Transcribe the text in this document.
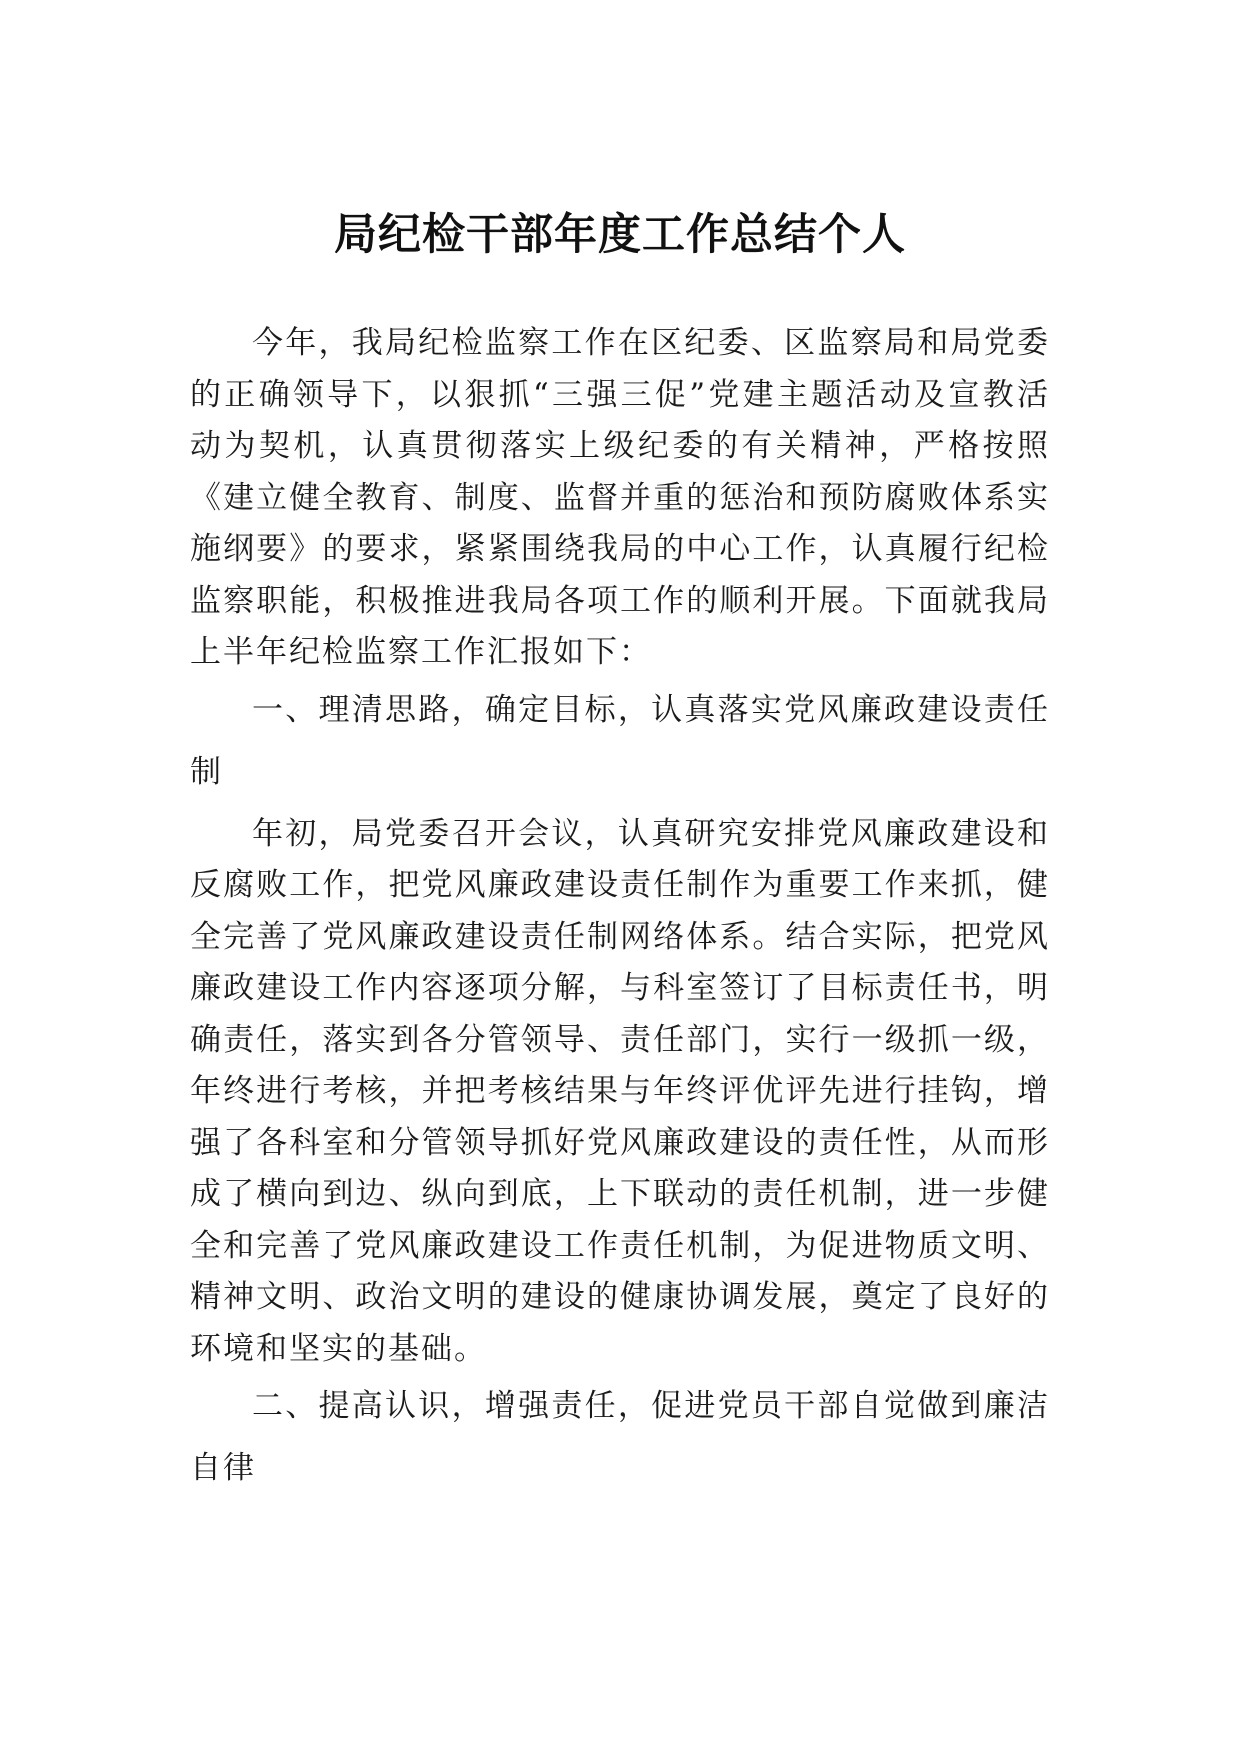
局纪检干部年度工作总结个人

今年，我局纪检监察工作在区纪委、区监察局和局党委的正确领导下，以狠抓“三强三促”党建主题活动及宣教活动为契机，认真贯彻落实上级纪委的有关精神，严格按照《建立健全教育、制度、监督并重的惩治和预防腐败体系实施纲要》的要求，紧紧围绕我局的中心工作，认真履行纪检监察职能，积极推进我局各项工作的顺利开展。下面就我局上半年纪检监察工作汇报如下：

一、理清思路，确定目标，认真落实党风廉政建设责任制

年初，局党委召开会议，认真研究安排党风廉政建设和反腐败工作，把党风廉政建设责任制作为重要工作来抓，健全完善了党风廉政建设责任制网络体系。结合实际，把党风廉政建设工作内容逐项分解，与科室签订了目标责任书，明确责任，落实到各分管领导、责任部门，实行一级抓一级，年终进行考核，并把考核结果与年终评优评先进行挂钩，增强了各科室和分管领导抓好党风廉政建设的责任性，从而形成了横向到边、纵向到底，上下联动的责任机制，进一步健全和完善了党风廉政建设工作责任机制，为促进物质文明、精神文明、政治文明的建设的健康协调发展，奠定了良好的环境和坚实的基础。

二、提高认识，增强责任，促进党员干部自觉做到廉洁自律
